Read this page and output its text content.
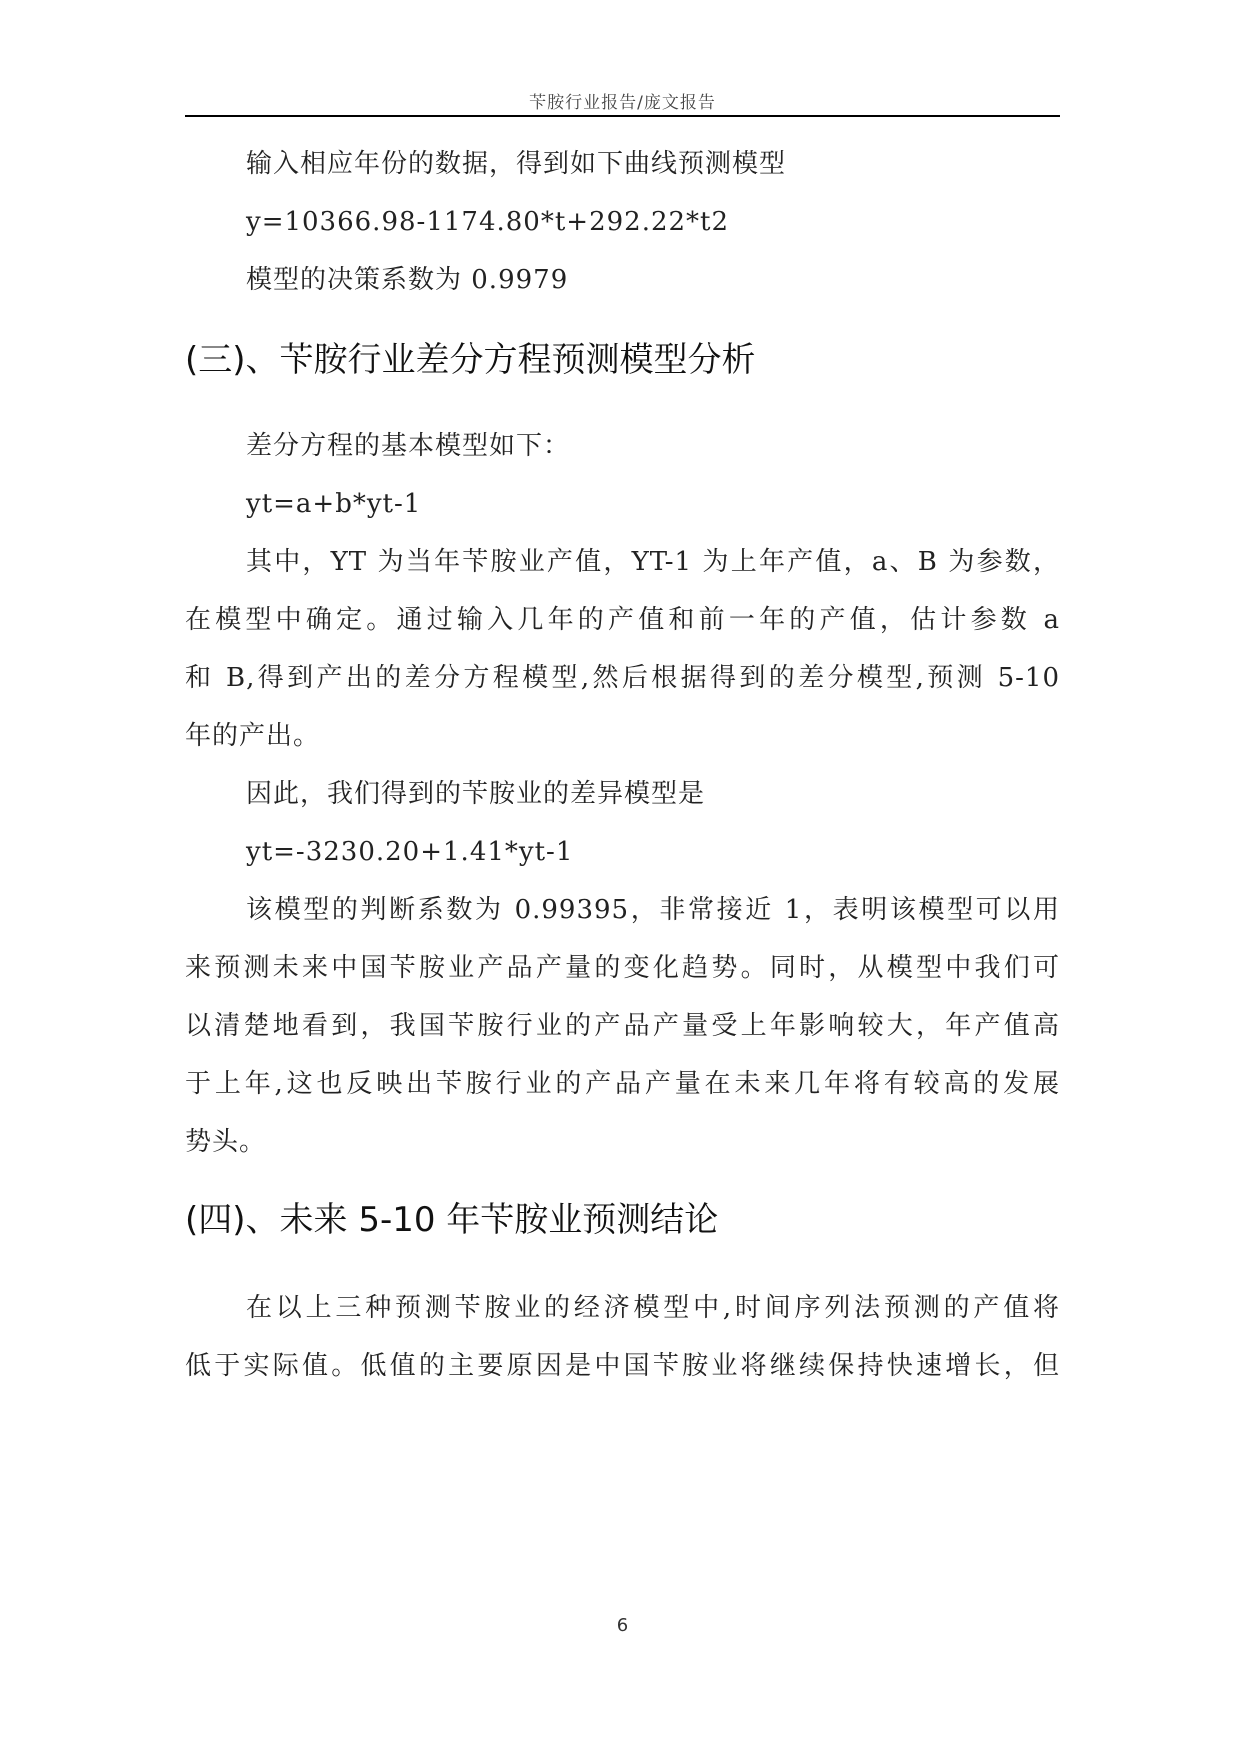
苄胺行业报告/庞文报告
输入相应年份的数据，得到如下曲线预测模型
y=10366.98-1174.80*t+292.22*t2
模型的决策系数为 0.9979
(三)、苄胺行业差分方程预测模型分析
差分方程的基本模型如下：
yt=a+b*yt-1
其中，YT 为当年苄胺业产值，YT-1 为上年产值，a、B 为参数，
在模型中确定。通过输入几年的产值和前一年的产值，估计参数 a
和 B,得到产出的差分方程模型,然后根据得到的差分模型,预测 5-10
年的产出。
因此，我们得到的苄胺业的差异模型是
yt=-3230.20+1.41*yt-1
该模型的判断系数为 0.99395，非常接近 1，表明该模型可以用
来预测未来中国苄胺业产品产量的变化趋势。同时，从模型中我们可
以清楚地看到，我国苄胺行业的产品产量受上年影响较大，年产值高
于上年,这也反映出苄胺行业的产品产量在未来几年将有较高的发展
势头。
(四)、未来 5-10 年苄胺业预测结论
在以上三种预测苄胺业的经济模型中,时间序列法预测的产值将
低于实际值。低值的主要原因是中国苄胺业将继续保持快速增长，但
6
